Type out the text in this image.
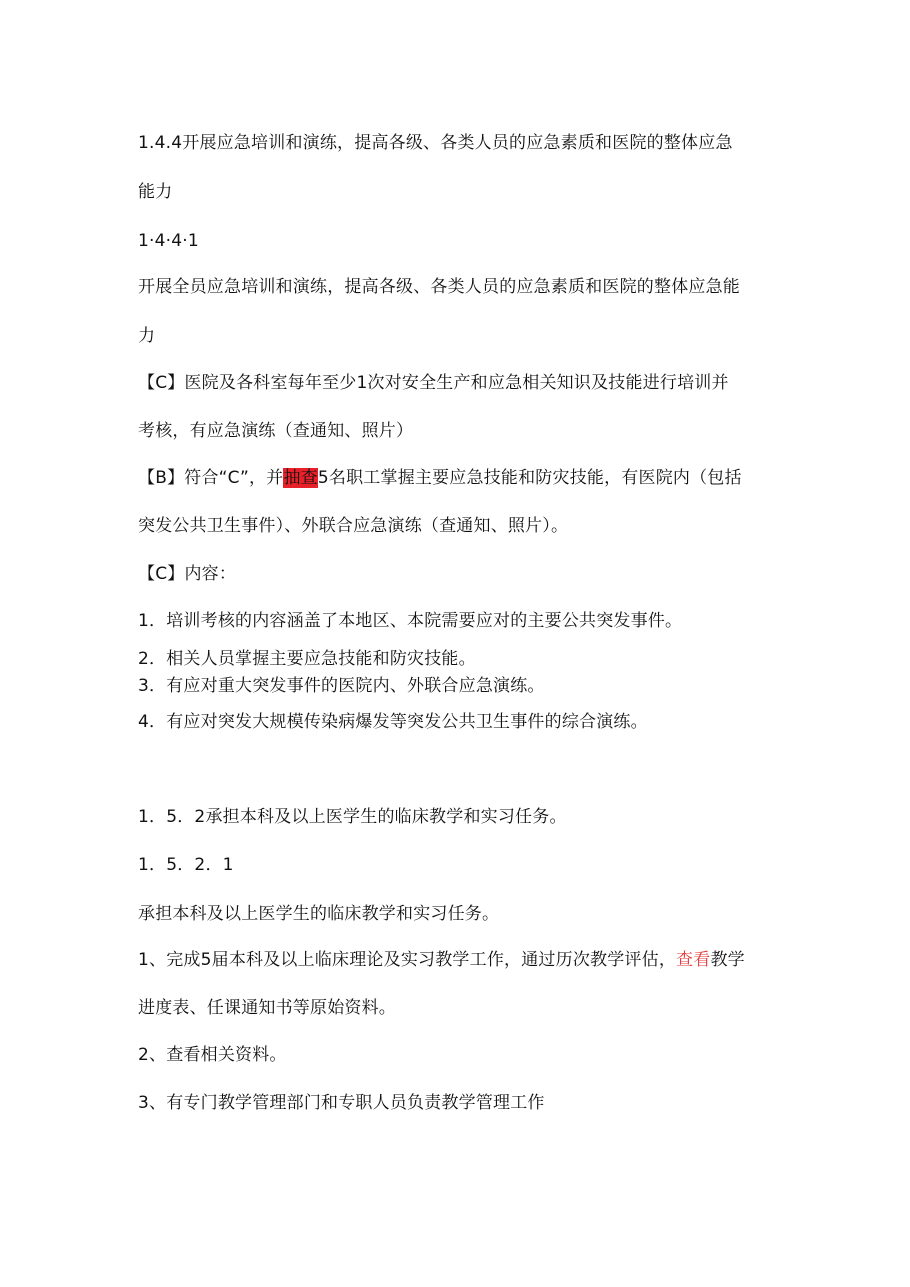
1.4.4开展应急培训和演练，提高各级、各类人员的应急素质和医院的整体应急
能力
1·4·4·1
开展全员应急培训和演练，提高各级、各类人员的应急素质和医院的整体应急能
力
【C】医院及各科室每年至少1次对安全生产和应急相关知识及技能进行培训并
考核，有应急演练（查通知、照片）
【B】符合“C”，并抽查5名职工掌握主要应急技能和防灾技能，有医院内（包括
突发公共卫生事件）、外联合应急演练（查通知、照片）。
【C】内容：
1．培训考核的内容涵盖了本地区、本院需要应对的主要公共突发事件。
2．相关人员掌握主要应急技能和防灾技能。
3．有应对重大突发事件的医院内、外联合应急演练。
4．有应对突发大规模传染病爆发等突发公共卫生事件的综合演练。
1．5．2承担本科及以上医学生的临床教学和实习任务。
1．5．2．1
承担本科及以上医学生的临床教学和实习任务。
1、完成5届本科及以上临床理论及实习教学工作，通过历次教学评估，查看教学
进度表、任课通知书等原始资料。
2、查看相关资料。
3、有专门教学管理部门和专职人员负责教学管理工作
